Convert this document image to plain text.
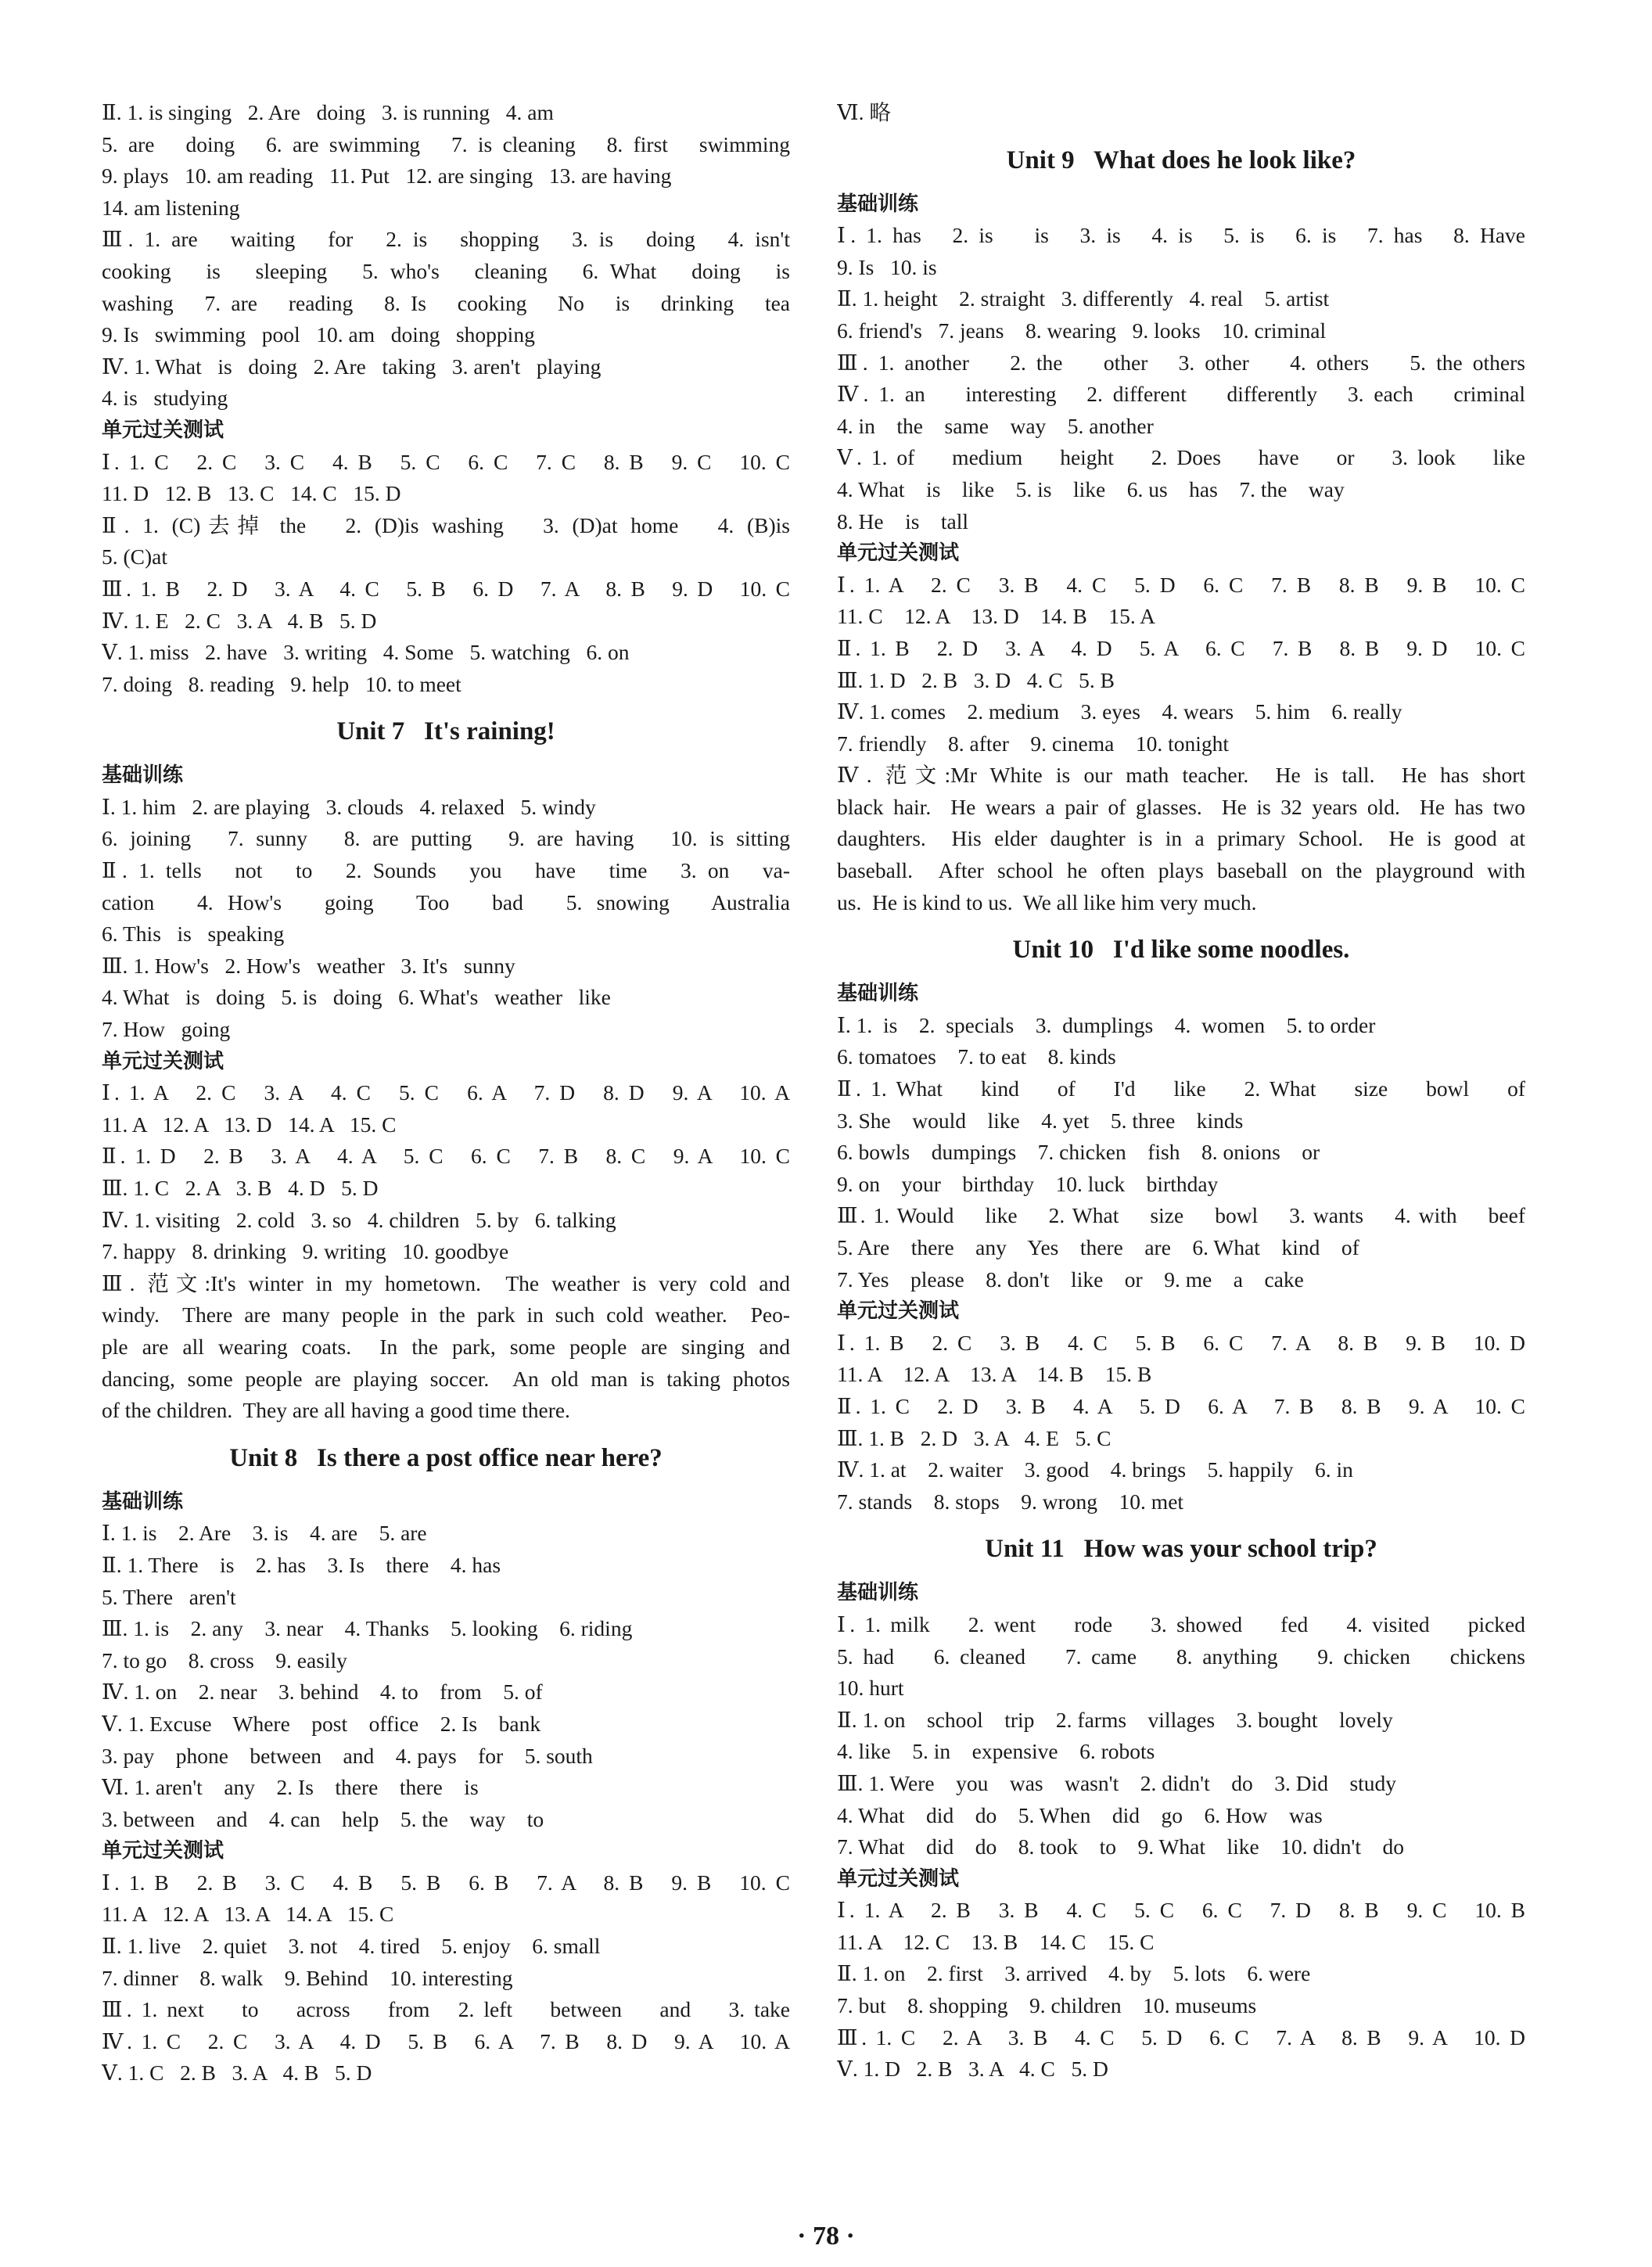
Ⅱ. 1. is singing   2. Are   doing   3. is running   4. am
5. are   doing   6. are swimming   7. is cleaning   8. first   swimming
9. plays   10. am reading   11. Put   12. are singing   13. are having
14. am listening
Ⅲ. 1. are   waiting   for   2. is   shopping   3. is   doing   4. isn't
cooking   is   sleeping   5. who's   cleaning   6. What   doing   is
washing   7. are   reading   8. Is   cooking   No   is   drinking   tea
9. Is   swimming   pool   10. am   doing   shopping
Ⅳ. 1. What   is   doing   2. Are   taking   3. aren't   playing
4. is   studying
单元过关测试
Ⅰ. 1. C   2. C   3. C   4. B   5. C   6. C   7. C   8. B   9. C   10. C
11. D   12. B   13. C   14. C   15. D
Ⅱ. 1. (C)去掉 the   2. (D)is washing   3. (D)at home   4. (B)is
5. (C)at
Ⅲ. 1. B   2. D   3. A   4. C   5. B   6. D   7. A   8. B   9. D   10. C
Ⅳ. 1. E   2. C   3. A   4. B   5. D
Ⅴ. 1. miss   2. have   3. writing   4. Some   5. watching   6. on
7. doing   8. reading   9. help   10. to meet
Unit 7   It's raining!
基础训练
Ⅰ. 1. him   2. are playing   3. clouds   4. relaxed   5. windy
6. joining   7. sunny   8. are putting   9. are having   10. is sitting
Ⅱ. 1. tells   not   to   2. Sounds   you   have   time   3. on   va-
cation   4. How's   going   Too   bad   5. snowing   Australia
6. This   is   speaking
Ⅲ. 1. How's   2. How's   weather   3. It's   sunny
4. What   is   doing   5. is   doing   6. What's   weather   like
7. How   going
单元过关测试
Ⅰ. 1. A   2. C   3. A   4. C   5. C   6. A   7. D   8. D   9. A   10. A
11. A   12. A   13. D   14. A   15. C
Ⅱ. 1. D   2. B   3. A   4. A   5. C   6. C   7. B   8. C   9. A   10. C
Ⅲ. 1. C   2. A   3. B   4. D   5. D
Ⅳ. 1. visiting   2. cold   3. so   4. children   5. by   6. talking
7. happy   8. drinking   9. writing   10. goodbye
Ⅲ. 范文:It's winter in my hometown.  The weather is very cold and
windy.  There are many people in the park in such cold weather.  Peo-
ple are all wearing coats.  In the park, some people are singing and
dancing, some people are playing soccer.  An old man is taking photos
of the children.  They are all having a good time there.
Unit 8   Is there a post office near here?
基础训练
Ⅰ. 1. is    2. Are    3. is    4. are    5. are
Ⅱ. 1. There    is    2. has    3. Is    there    4. has
5. There   aren't
Ⅲ. 1. is    2. any    3. near    4. Thanks    5. looking    6. riding
7. to go    8. cross    9. easily
Ⅳ. 1. on    2. near    3. behind    4. to    from    5. of
Ⅴ. 1. Excuse    Where    post    office    2. Is    bank
3. pay    phone    between    and    4. pays    for    5. south
Ⅵ. 1. aren't    any    2. Is    there    there    is
3. between    and    4. can    help    5. the    way    to
单元过关测试
Ⅰ. 1. B   2. B   3. C   4. B   5. B   6. B   7. A   8. B   9. B   10. C
11. A   12. A   13. A   14. A   15. C
Ⅱ. 1. live    2. quiet    3. not    4. tired    5. enjoy    6. small
7. dinner    8. walk    9. Behind    10. interesting
Ⅲ. 1. next    to    across    from   2. left    between    and    3. take
Ⅳ. 1. C   2. C   3. A   4. D   5. B   6. A   7. B   8. D   9. A   10. A
Ⅴ. 1. C   2. B   3. A   4. B   5. D
Ⅵ. 略
Unit 9   What does he look like?
基础训练
Ⅰ. 1. has   2. is    is   3. is   4. is   5. is   6. is   7. has   8. Have
9. Is   10. is
Ⅱ. 1. height    2. straight   3. differently   4. real    5. artist
6. friend's   7. jeans    8. wearing   9. looks    10. criminal
Ⅲ. 1. another    2. the    other   3. other    4. others    5. the others
Ⅳ. 1. an    interesting   2. different    differently   3. each    criminal
4. in    the    same    way    5. another
Ⅴ. 1. of    medium    height    2. Does    have    or    3. look    like
4. What    is    like    5. is    like    6. us    has    7. the    way
8. He    is    tall
单元过关测试
Ⅰ. 1. A   2. C   3. B   4. C   5. D   6. C   7. B   8. B   9. B   10. C
11. C    12. A    13. D    14. B    15. A
Ⅱ. 1. B   2. D   3. A   4. D   5. A   6. C   7. B   8. B   9. D   10. C
Ⅲ. 1. D   2. B   3. D   4. C   5. B
Ⅳ. 1. comes    2. medium    3. eyes    4. wears    5. him    6. really
7. friendly    8. after    9. cinema    10. tonight
Ⅳ. 范文:Mr White is our math teacher.  He is tall.  He has short
black hair.  He wears a pair of glasses.  He is 32 years old.  He has two
daughters.  His elder daughter is in a primary School.  He is good at
baseball.  After school he often plays baseball on the playground with
us.  He is kind to us.  We all like him very much.
Unit 10   I'd like some noodles.
基础训练
Ⅰ. 1.  is    2.  specials    3.  dumplings    4.  women    5. to order
6. tomatoes    7. to eat    8. kinds
Ⅱ. 1. What    kind    of    I'd    like    2. What    size    bowl    of
3. She    would    like    4. yet    5. three    kinds
6. bowls    dumpings    7. chicken    fish    8. onions    or
9. on    your    birthday    10. luck    birthday
Ⅲ. 1. Would    like    2. What    size    bowl    3. wants    4. with    beef
5. Are    there    any    Yes    there    are    6. What    kind    of
7. Yes    please    8. don't    like    or    9. me    a    cake
单元过关测试
Ⅰ. 1. B   2. C   3. B   4. C   5. B   6. C   7. A   8. B   9. B   10. D
11. A    12. A    13. A    14. B    15. B
Ⅱ. 1. C   2. D   3. B   4. A   5. D   6. A   7. B   8. B   9. A   10. C
Ⅲ. 1. B   2. D   3. A   4. E   5. C
Ⅳ. 1. at    2. waiter    3. good    4. brings    5. happily    6. in
7. stands    8. stops    9. wrong    10. met
Unit 11   How was your school trip?
基础训练
Ⅰ. 1. milk    2. went    rode    3. showed    fed    4. visited    picked
5. had    6. cleaned    7. came    8. anything    9. chicken    chickens
10. hurt
Ⅱ. 1. on    school    trip    2. farms    villages    3. bought    lovely
4. like    5. in    expensive    6. robots
Ⅲ. 1. Were    you    was    wasn't    2. didn't    do    3. Did    study
4. What    did    do    5. When    did    go    6. How    was
7. What    did    do    8. took    to    9. What    like    10. didn't    do
单元过关测试
Ⅰ. 1. A   2. B   3. B   4. C   5. C   6. C   7. D   8. B   9. C   10. B
11. A    12. C    13. B    14. C    15. C
Ⅱ. 1. on    2. first    3. arrived    4. by    5. lots    6. were
7. but    8. shopping    9. children    10. museums
Ⅲ. 1. C   2. A   3. B   4. C   5. D   6. C   7. A   8. B   9. A   10. D
Ⅴ. 1. D   2. B   3. A   4. C   5. D
· 78 ·
